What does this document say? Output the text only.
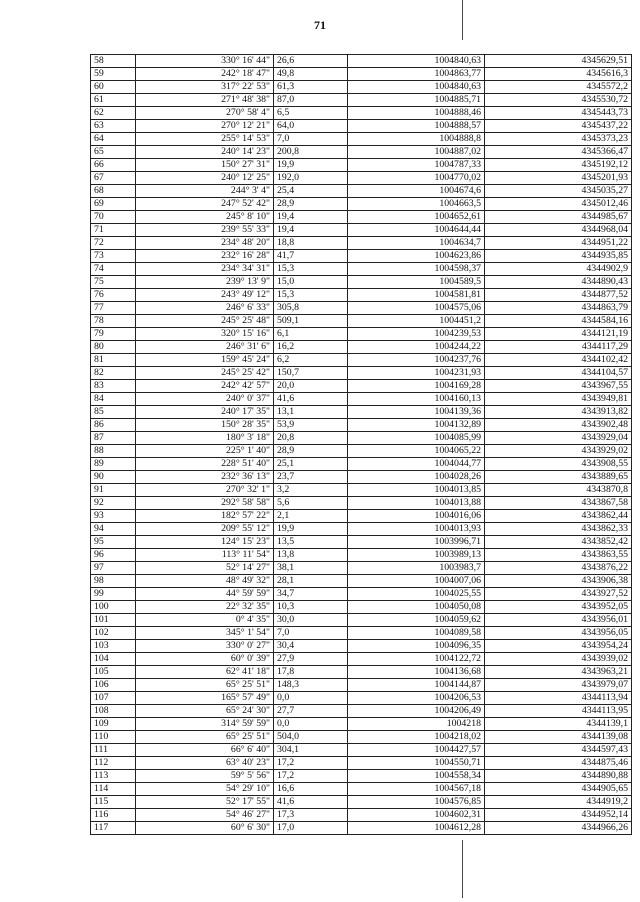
71
58	330° 16' 44"	26,6	1004840,63	4345629,51
59	242° 18' 47"	49,8	1004863,77	4345616,3
60	317° 22' 53"	61,3	1004840,63	4345572,2
61	271° 48' 38"	87,0	1004885,71	4345530,72
62	270° 58' 4"	6,5	1004888,46	4345443,73
63	270° 12' 21"	64,0	1004888,57	4345437,22
64	255° 14' 53"	7,0	1004888,8	4345373,23
65	240° 14' 23"	200,8	1004887,02	4345366,47
66	150° 27' 31"	19,9	1004787,33	4345192,12
67	240° 12' 25"	192,0	1004770,02	4345201,93
68	244° 3' 4"	25,4	1004674,6	4345035,27
69	247° 52' 42"	28,9	1004663,5	4345012,46
70	245° 8' 10"	19,4	1004652,61	4344985,67
71	239° 55' 33"	19,4	1004644,44	4344968,04
72	234° 48' 20"	18,8	1004634,7	4344951,22
73	232° 16' 28"	41,7	1004623,86	4344935,85
74	234° 34' 31"	15,3	1004598,37	4344902,9
75	239° 13' 9"	15,0	1004589,5	4344890,43
76	243° 49' 12"	15,3	1004581,81	4344877,52
77	246° 6' 33"	305,8	1004575,06	4344863,79
78	245° 25' 48"	509,1	1004451,2	4344584,16
79	320° 15' 16"	6,1	1004239,53	4344121,19
80	246° 31' 6"	16,2	1004244,22	4344117,29
81	159° 45' 24"	6,2	1004237,76	4344102,42
82	245° 25' 42"	150,7	1004231,93	4344104,57
83	242° 42' 57"	20,0	1004169,28	4343967,55
84	240° 0' 37"	41,6	1004160,13	4343949,81
85	240° 17' 35"	13,1	1004139,36	4343913,82
86	150° 28' 35"	53,9	1004132,89	4343902,48
87	180° 3' 18"	20,8	1004085,99	4343929,04
88	225° 1' 40"	28,9	1004065,22	4343929,02
89	228° 51' 40"	25,1	1004044,77	4343908,55
90	232° 36' 13"	23,7	1004028,26	4343889,65
91	270° 32' 1"	3,2	1004013,85	4343870,8
92	292° 58' 58"	5,6	1004013,88	4343867,58
93	182° 57' 22"	2,1	1004016,06	4343862,44
94	209° 55' 12"	19,9	1004013,93	4343862,33
95	124° 15' 23"	13,5	1003996,71	4343852,42
96	113° 11' 54"	13,8	1003989,13	4343863,55
97	52° 14' 27"	38,1	1003983,7	4343876,22
98	48° 49' 32"	28,1	1004007,06	4343906,38
99	44° 59' 59"	34,7	1004025,55	4343927,52
100	22° 32' 35"	10,3	1004050,08	4343952,05
101	0° 4' 35"	30,0	1004059,62	4343956,01
102	345° 1' 54"	7,0	1004089,58	4343956,05
103	330° 0' 27"	30,4	1004096,35	4343954,24
104	60° 0' 39"	27,9	1004122,72	4343939,02
105	62° 41' 18"	17,8	1004136,68	4343963,21
106	65° 25' 51"	148,3	1004144,87	4343979,07
107	165° 57' 49"	0,0	1004206,53	4344113,94
108	65° 24' 30"	27,7	1004206,49	4344113,95
109	314° 59' 59"	0,0	1004218	4344139,1
110	65° 25' 51"	504,0	1004218,02	4344139,08
111	66° 6' 40"	304,1	1004427,57	4344597,43
112	63° 40' 23"	17,2	1004550,71	4344875,46
113	59° 5' 56"	17,2	1004558,34	4344890,88
114	54° 29' 10"	16,6	1004567,18	4344905,65
115	52° 17' 55"	41,6	1004576,85	4344919,2
116	54° 46' 27"	17,3	1004602,31	4344952,14
117	60° 6' 30"	17,0	1004612,28	4344966,26
